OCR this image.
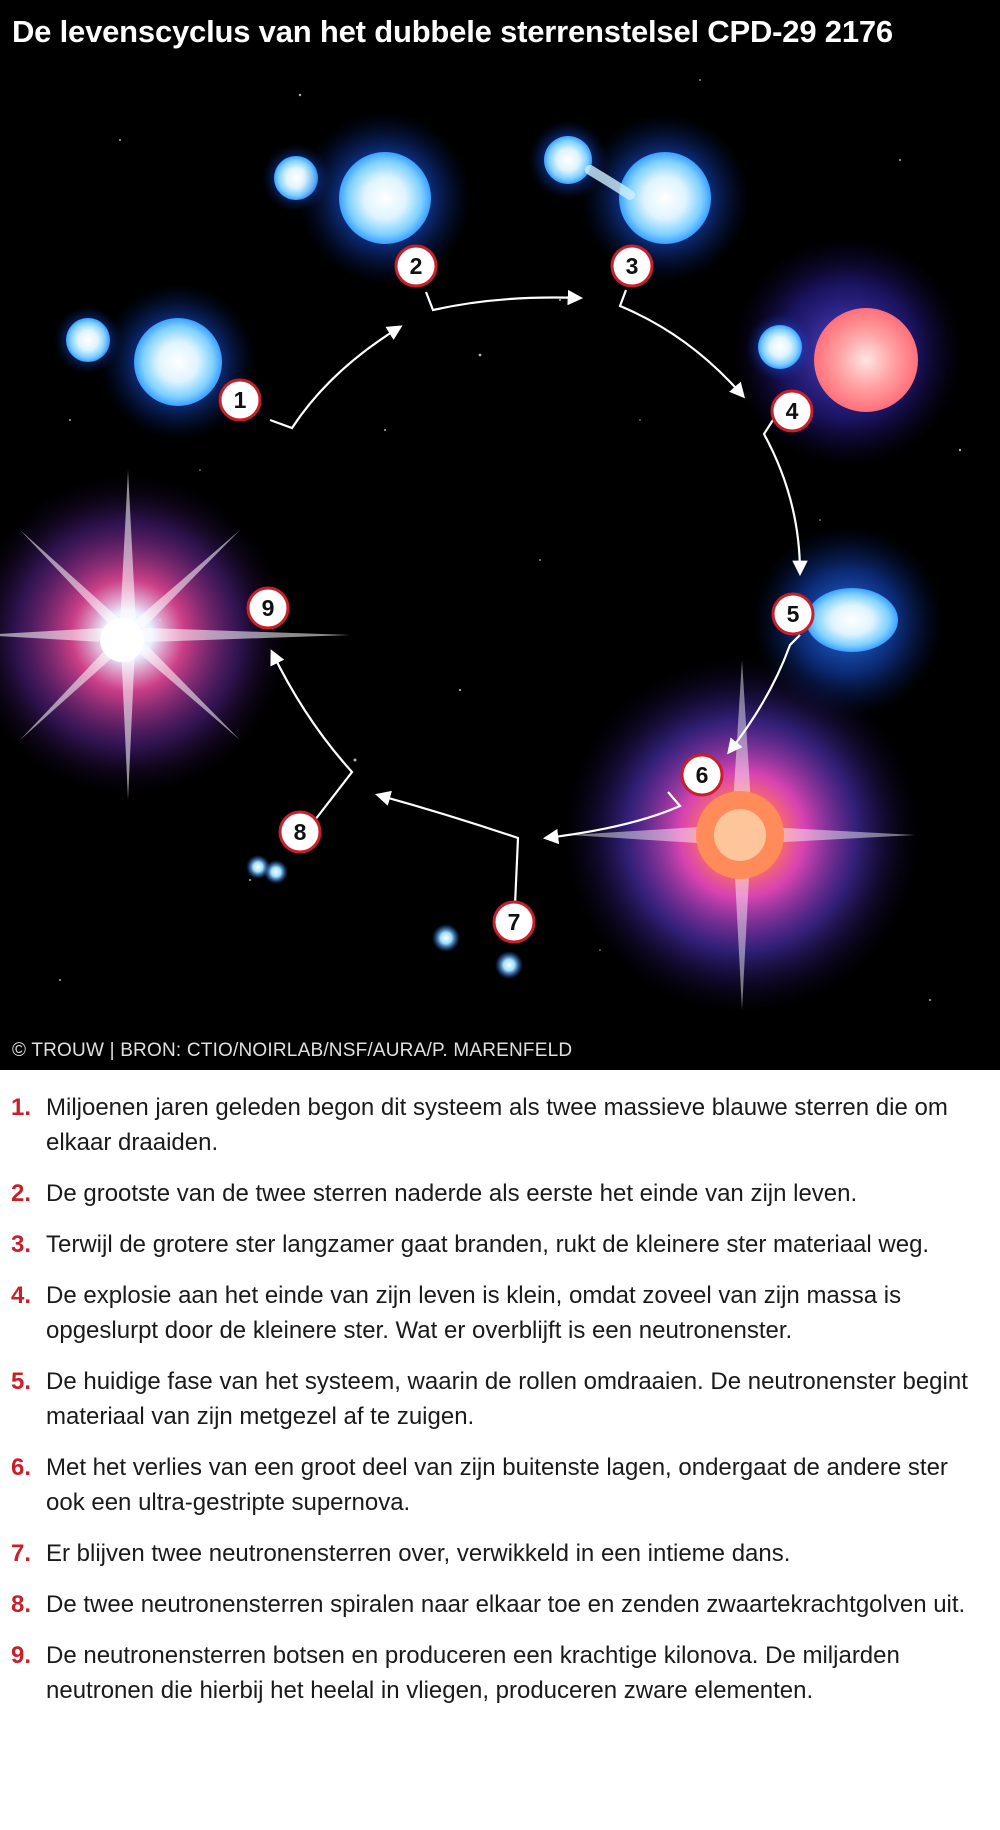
1
2	3
4
5
6
7
8
9
De levenscyclus van het dubbele sterrenstelsel CPD-29 2176
© TROUW | BRON: CTIO/NOIRLAB/NSF/AURA/P. MARENFELD
1. Miljoenen jaren geleden begon dit systeem als twee massieve blauwe sterren die om elkaar draaiden.
2. De grootste van de twee sterren naderde als eerste het einde van zijn leven.
3. Terwijl de grotere ster langzamer gaat branden, rukt de kleinere ster materiaal weg.
4. De explosie aan het einde van zijn leven is klein, omdat zoveel van zijn massa is opgeslurpt door de kleinere ster. Wat er overblijft is een neutronenster.
5. De huidige fase van het systeem, waarin de rollen omdraaien. De neutronenster begint materiaal van zijn metgezel af te zuigen.
6. Met het verlies van een groot deel van zijn buitenste lagen, ondergaat de andere ster ook een ultra-gestripte supernova.
7. Er blijven twee neutronensterren over, verwikkeld in een intieme dans.
8. De twee neutronensterren spiralen naar elkaar toe en zenden zwaartekrachtgolven uit.
9. De neutronensterren botsen en produceren een krachtige kilonova. De miljarden neutronen die hierbij het heelal in vliegen, produceren zware elementen.
